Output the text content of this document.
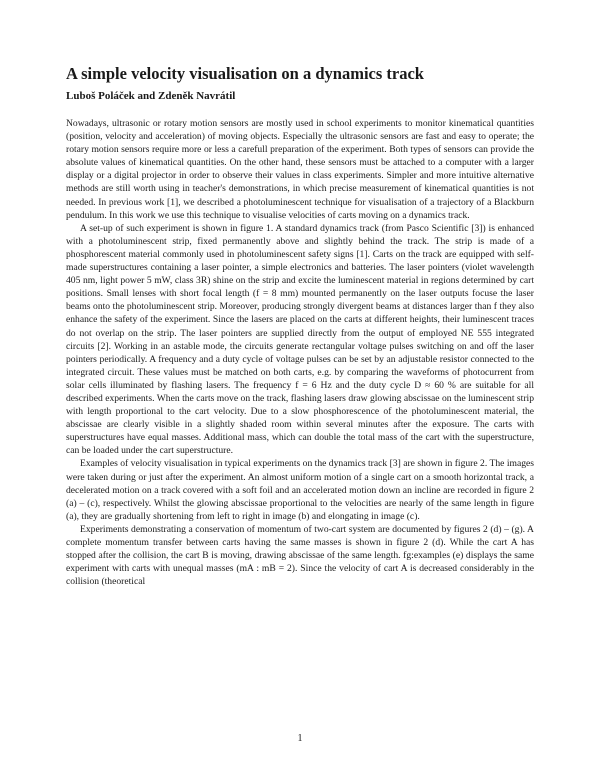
A simple velocity visualisation on a dynamics track
Luboš Poláček and Zdeněk Navrátil

Nowadays, ultrasonic or rotary motion sensors are mostly used in school experiments to monitor kinematical quantities (position, velocity and acceleration) of moving objects. Especially the ultrasonic sensors are fast and easy to operate; the rotary motion sensors require more or less a carefull preparation of the experiment. Both types of sensors can provide the absolute values of kinematical quantities. On the other hand, these sensors must be attached to a computer with a larger display or a digital projector in order to observe their values in class experiments. Simpler and more intuitive alternative methods are still worth using in teacher's demonstrations, in which precise measurement of kinematical quantities is not needed. In previous work [1], we described a photoluminescent technique for visualisation of a trajectory of a Blackburn pendulum. In this work we use this technique to visualise velocities of carts moving on a dynamics track.

A set-up of such experiment is shown in figure 1. A standard dynamics track (from Pasco Scientific [3]) is enhanced with a photoluminescent strip, fixed permanently above and slightly behind the track. The strip is made of a phosphorescent material commonly used in photoluminescent safety signs [1]. Carts on the track are equipped with self-made superstructures containing a laser pointer, a simple electronics and batteries. The laser pointers (violet wavelength 405 nm, light power 5 mW, class 3R) shine on the strip and excite the luminescent material in regions determined by cart positions. Small lenses with short focal length (f = 8 mm) mounted permanently on the laser outputs focuse the laser beams onto the photoluminescent strip. Moreover, producing strongly divergent beams at distances larger than f they also enhance the safety of the experiment. Since the lasers are placed on the carts at different heights, their luminescent traces do not overlap on the strip. The laser pointers are supplied directly from the output of employed NE 555 integrated circuits [2]. Working in an astable mode, the circuits generate rectangular voltage pulses switching on and off the laser pointers periodically. A frequency and a duty cycle of voltage pulses can be set by an adjustable resistor connected to the integrated circuit. These values must be matched on both carts, e.g. by comparing the waveforms of photocurrent from solar cells illuminated by flashing lasers. The frequency f = 6 Hz and the duty cycle D ≈ 60 % are suitable for all described experiments. When the carts move on the track, flashing lasers draw glowing abscissae on the luminescent strip with length proportional to the cart velocity. Due to a slow phosphorescence of the photoluminescent material, the abscissae are clearly visible in a slightly shaded room within several minutes after the exposure. The carts with superstructures have equal masses. Additional mass, which can double the total mass of the cart with the superstructure, can be loaded under the cart superstructure.

Examples of velocity visualisation in typical experiments on the dynamics track [3] are shown in figure 2. The images were taken during or just after the experiment. An almost uniform motion of a single cart on a smooth horizontal track, a decelerated motion on a track covered with a soft foil and an accelerated motion down an incline are recorded in figure 2 (a) – (c), respectively. Whilst the glowing abscissae proportional to the velocities are nearly of the same length in figure (a), they are gradually shortening from left to right in image (b) and elongating in image (c).

Experiments demonstrating a conservation of momentum of two-cart system are documented by figures 2 (d) – (g). A complete momentum transfer between carts having the same masses is shown in figure 2 (d). While the cart A has stopped after the collision, the cart B is moving, drawing abscissae of the same length. fg:examples (e) displays the same experiment with carts with unequal masses (mA : mB = 2). Since the velocity of cart A is decreased considerably in the collision (theoretical

1
